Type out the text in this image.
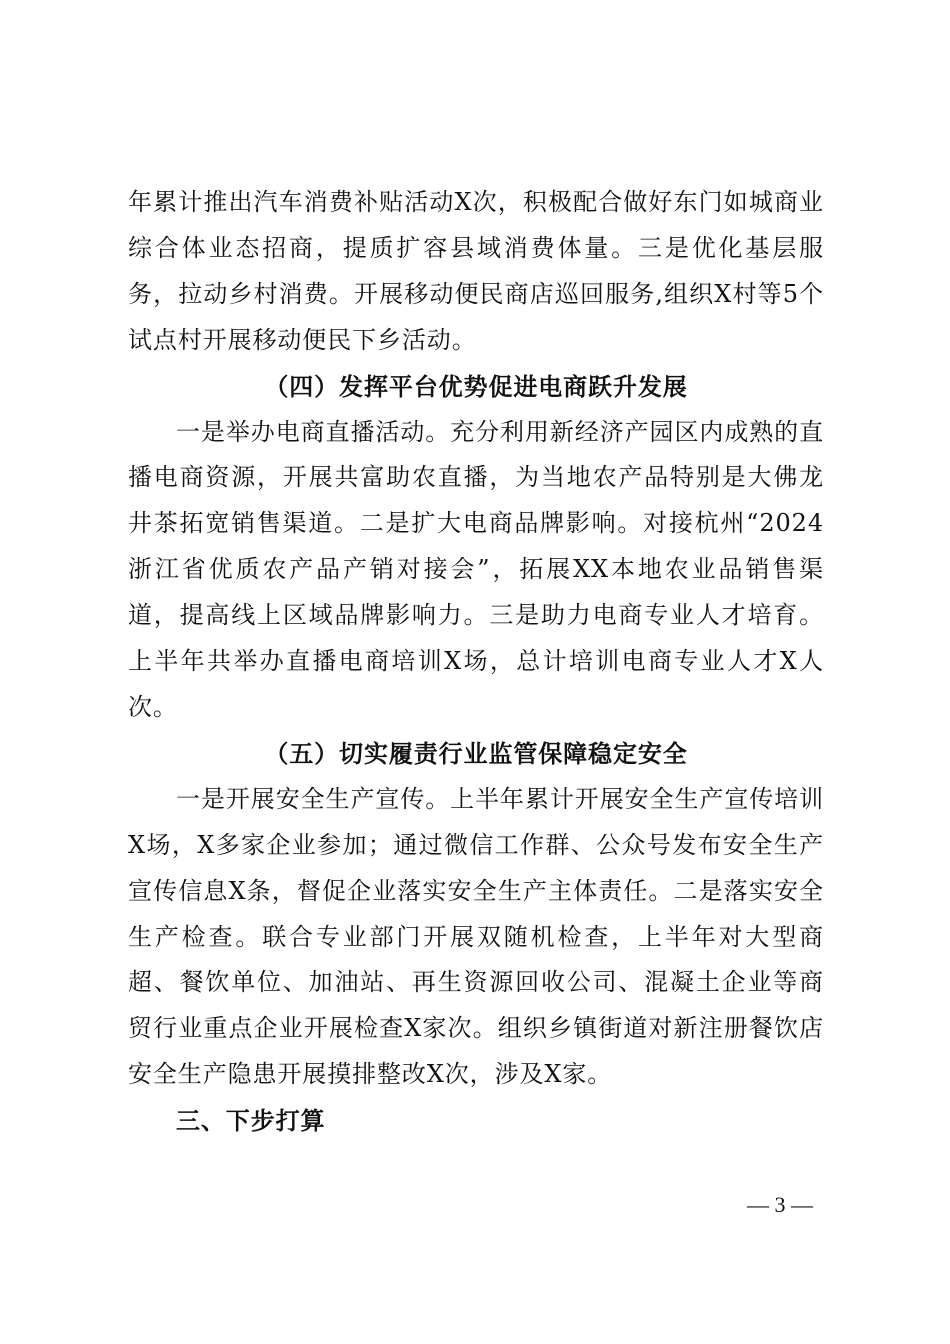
年累计推出汽车消费补贴活动X次，积极配合做好东门如城商业综合体业态招商，提质扩容县域消费体量。三是优化基层服务，拉动乡村消费。开展移动便民商店巡回服务,组织X村等5个试点村开展移动便民下乡活动。

（四）发挥平台优势促进电商跃升发展

一是举办电商直播活动。充分利用新经济产园区内成熟的直播电商资源，开展共富助农直播，为当地农产品特别是大佛龙井茶拓宽销售渠道。二是扩大电商品牌影响。对接杭州“2024浙江省优质农产品产销对接会”，拓展XX本地农业品销售渠道，提高线上区域品牌影响力。三是助力电商专业人才培育。上半年共举办直播电商培训X场，总计培训电商专业人才X人次。

（五）切实履责行业监管保障稳定安全

一是开展安全生产宣传。上半年累计开展安全生产宣传培训X场，X多家企业参加；通过微信工作群、公众号发布安全生产宣传信息X条，督促企业落实安全生产主体责任。二是落实安全生产检查。联合专业部门开展双随机检查，上半年对大型商超、餐饮单位、加油站、再生资源回收公司、混凝土企业等商贸行业重点企业开展检查X家次。组织乡镇街道对新注册餐饮店安全生产隐患开展摸排整改X次，涉及X家。

三、下步打算

— 3 —
